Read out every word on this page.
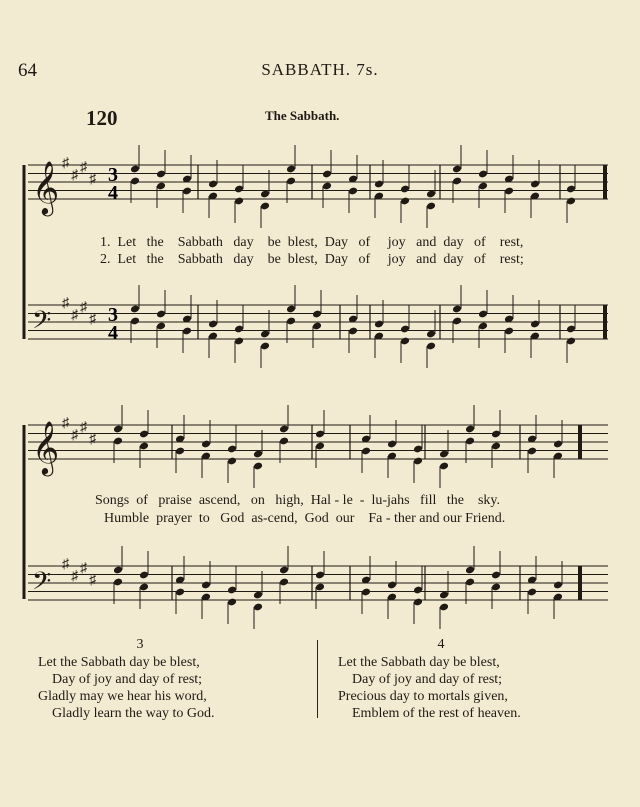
64	SABBATH. 7s.
120	The Sabbath.
𝄞 ♯
♯
♯
♯
𝄢
♯
♯
♯
♯
𝄞 ♯
♯
♯
♯
𝄢
♯
♯
♯
♯
3
4
3
4
1.  Let   the    Sabbath   day    be  blest,  Day   of     joy   and  day   of    rest,
2.  Let   the    Sabbath   day    be  blest,  Day   of     joy   and  day   of    rest;
Songs  of   praise  ascend,   on   high,  Hal - le  -  lu-jahs   fill   the    sky.
Humble  prayer  to   God  as-cend,  God  our    Fa - ther and our Friend.
3
Let the Sabbath day be blest,
Day of joy and day of rest;
Gladly may we hear his word,
Gladly learn the way to God.
4
Let the Sabbath day be blest,
Day of joy and day of rest;
Precious day to mortals given,
Emblem of the rest of heaven.
